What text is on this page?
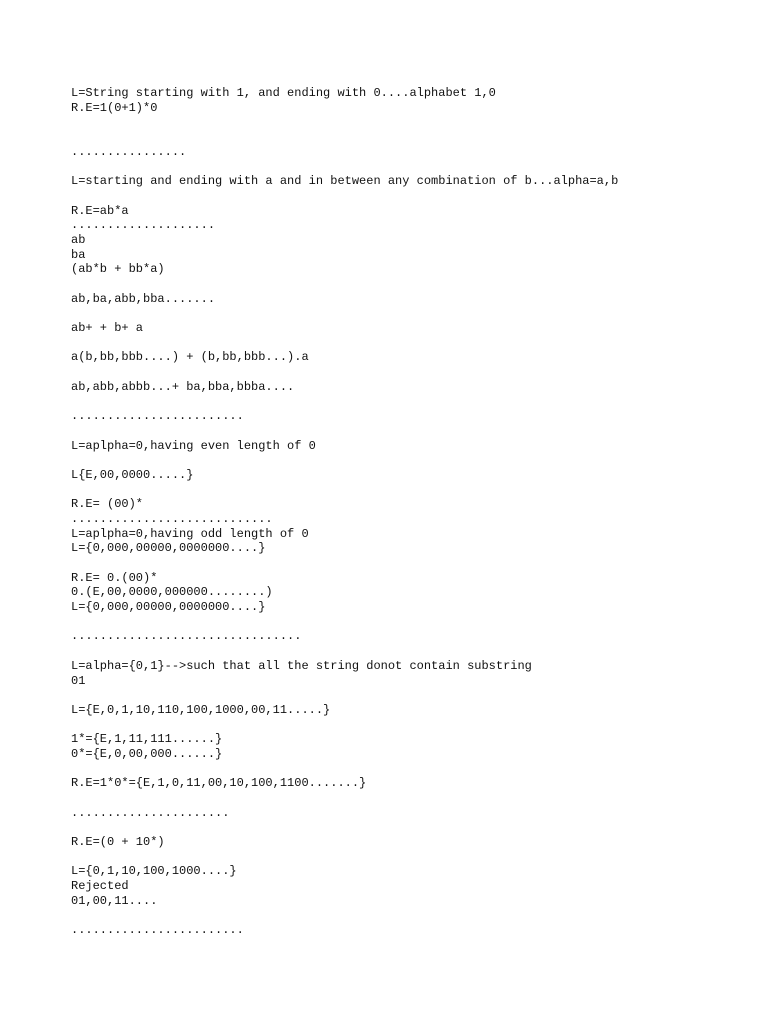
L=String starting with 1, and ending with 0....alphabet 1,0
R.E=1(0+1)*0
................
L=starting and ending with a and in between any combination of b...alpha=a,b
R.E=ab*a
....................
ab
ba
(ab*b + bb*a)
ab,ba,abb,bba.......
ab+ + b+ a
a(b,bb,bbb....) + (b,bb,bbb...).a
ab,abb,abbb...+ ba,bba,bbba....
........................
L=aplpha=0,having even length of 0
L{E,00,0000.....}
R.E= (00)*
............................
L=aplpha=0,having odd length of 0
L={0,000,00000,0000000....}
R.E= 0.(00)*
0.(E,00,0000,000000........)
L={0,000,00000,0000000....}
................................
L=alpha={0,1}-->such that all the string donot contain substring
01
L={E,0,1,10,110,100,1000,00,11.....}
1*={E,1,11,111......}
0*={E,0,00,000......}
R.E=1*0*={E,1,0,11,00,10,100,1100.......}
......................
R.E=(0 + 10*)
L={0,1,10,100,1000....}
Rejected
01,00,11....
........................
